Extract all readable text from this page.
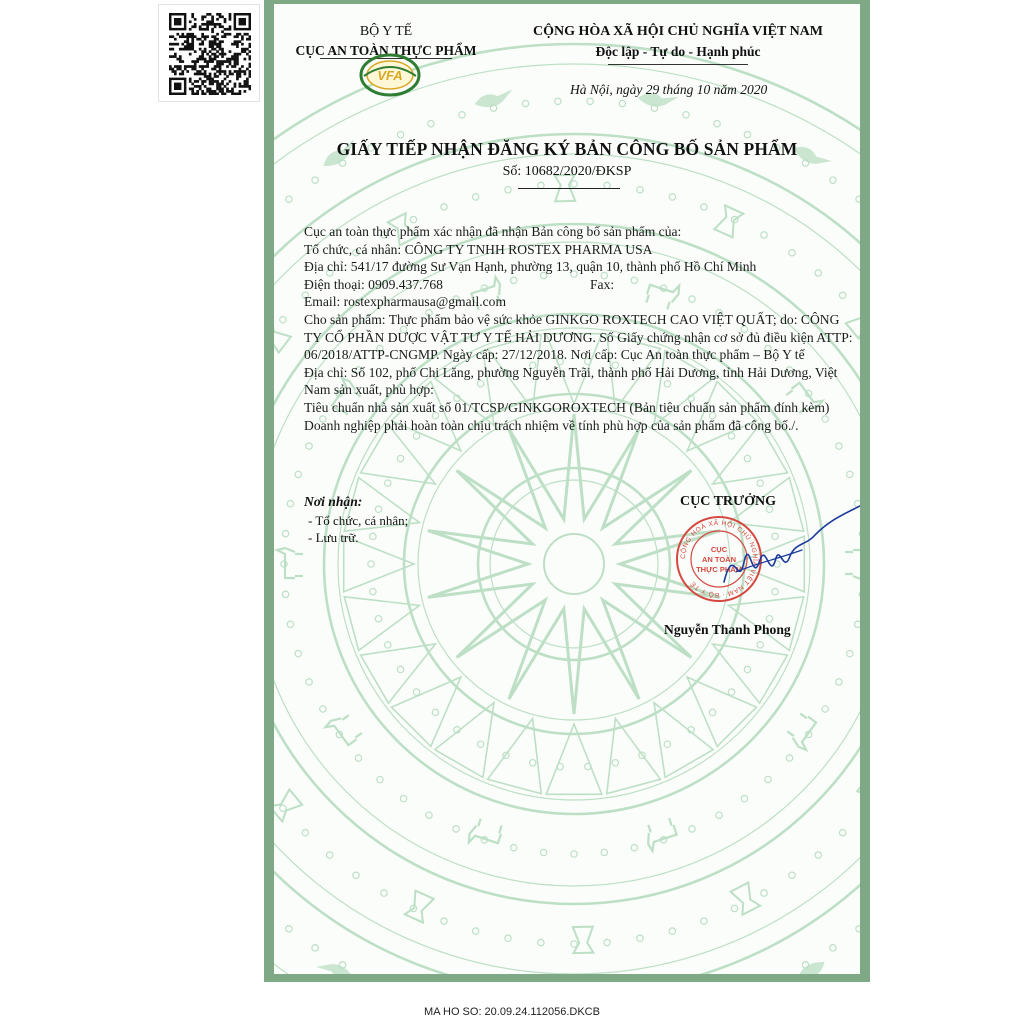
BỘ Y TẾ
CỤC AN TOÀN THỰC PHẨM
VFA
CỘNG HÒA XÃ HỘI CHỦ NGHĨA VIỆT NAM
Độc lập - Tự do - Hạnh phúc
Hà Nội, ngày 29 tháng 10 năm 2020
GIẤY TIẾP NHẬN ĐĂNG KÝ BẢN CÔNG BỐ SẢN PHẨM
Số: 10682/2020/ĐKSP
Cục an toàn thực phẩm xác nhận đã nhận Bản công bố sản phẩm của:
Tổ chức, cá nhân: CÔNG TY TNHH ROSTEX PHARMA USA
Địa chỉ: 541/17 đường Sư Vạn Hạnh, phường 13, quận 10, thành phố Hồ Chí Minh
Điện thoại: 0909.437.768	Fax:
Email: rostexpharmausa@gmail.com
Cho sản phẩm: Thực phẩm bảo vệ sức khỏe GINKGO ROXTECH CAO VIỆT QUẤT; do: CÔNG TY CỔ PHẦN DƯỢC VẬT TƯ Y TẾ HẢI DƯƠNG. Số Giấy chứng nhận cơ sở đủ điều kiện ATTP: 06/2018/ATTP-CNGMP. Ngày cấp: 27/12/2018. Nơi cấp: Cục An toàn thực phẩm – Bộ Y tế
Địa chỉ: Số 102, phố Chi Lăng, phường Nguyễn Trãi, thành phố Hải Dương, tỉnh Hải Dương, Việt Nam sản xuất, phù hợp:
Tiêu chuẩn nhà sản xuất số 01/TCSP/GINKGOROXTECH (Bản tiêu chuẩn sản phẩm đính kèm)
Doanh nghiệp phải hoàn toàn chịu trách nhiệm về tính phù hợp của sản phẩm đã công bố./.
Nơi nhận:
- Tổ chức, cá nhân;
- Lưu trữ.
CỤC TRƯỞNG
CỘNG HOÀ XÃ HỘI CHỦ NGHĨA VIỆT NAM · BỘ Y TẾ
CỤC
AN TOÀN
THỰC PHẨM
Nguyễn Thanh Phong
MA HO SO: 20.09.24.112056.DKCB
